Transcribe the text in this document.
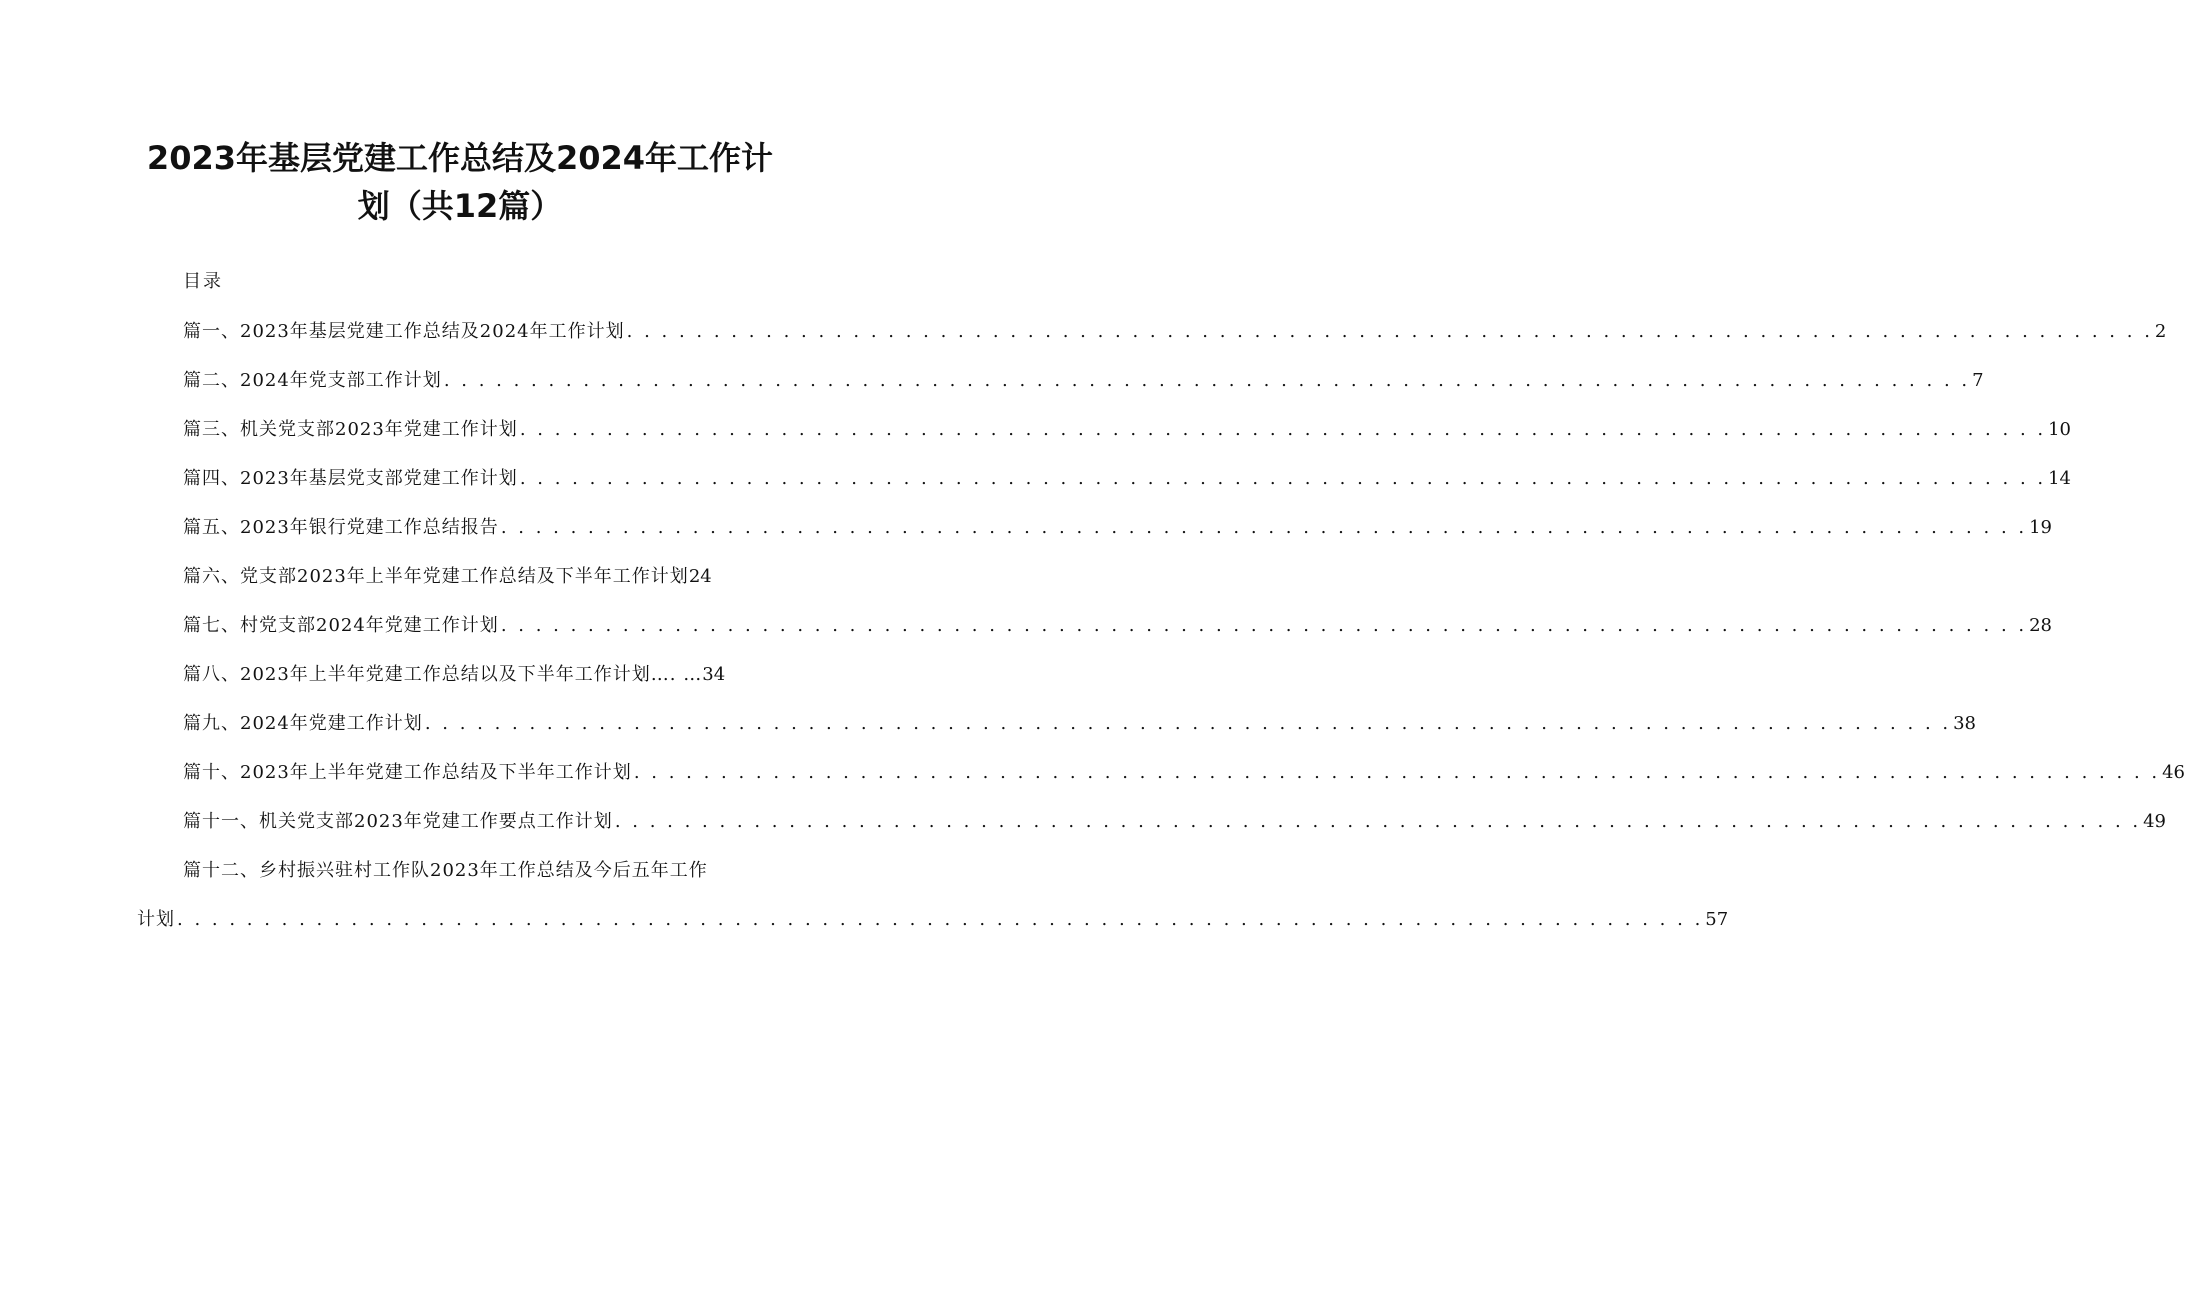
2023年基层党建工作总结及2024年工作计
划（共12篇）
目录
篇一、2023年基层党建工作总结及2024年工作计划 . . . . . . . . . . . . . . . . . . . . . . . . . . . . . . . . . . . . . . . . . . . . . . . . . . . . . . . . . . . . . . . . . . . . . . . . . . . . . . . . . . . . . . . . 2
篇二、2024年党支部工作计划 . . . . . . . . . . . . . . . . . . . . . . . . . . . . . . . . . . . . . . . . . . . . . . . . . . . . . . . . . . . . . . . . . . . . . . . . . . . . . . . . . . . . . . . . 7
篇三、机关党支部2023年党建工作计划 . . . . . . . . . . . . . . . . . . . . . . . . . . . . . . . . . . . . . . . . . . . . . . . . . . . . . . . . . . . . . . . . . . . . . . . . . . . . . . . . . . . . . . . . 10
篇四、2023年基层党支部党建工作计划 . . . . . . . . . . . . . . . . . . . . . . . . . . . . . . . . . . . . . . . . . . . . . . . . . . . . . . . . . . . . . . . . . . . . . . . . . . . . . . . . . . . . . . . . 14
篇五、2023年银行党建工作总结报告 . . . . . . . . . . . . . . . . . . . . . . . . . . . . . . . . . . . . . . . . . . . . . . . . . . . . . . . . . . . . . . . . . . . . . . . . . . . . . . . . . . . . . . . . 19
篇六、党支部2023年上半年党建工作总结及下半年工作计划 24
篇七、村党支部2024年党建工作计划 . . . . . . . . . . . . . . . . . . . . . . . . . . . . . . . . . . . . . . . . . . . . . . . . . . . . . . . . . . . . . . . . . . . . . . . . . . . . . . . . . . . . . . . . 28
篇八、2023年上半年党建工作总结以及下半年工作计划…. … 34
篇九、2024年党建工作计划 . . . . . . . . . . . . . . . . . . . . . . . . . . . . . . . . . . . . . . . . . . . . . . . . . . . . . . . . . . . . . . . . . . . . . . . . . . . . . . . . . . . . . . . . 38
篇十、2023年上半年党建工作总结及下半年工作计划 . . . . . . . . . . . . . . . . . . . . . . . . . . . . . . . . . . . . . . . . . . . . . . . . . . . . . . . . . . . . . . . . . . . . . . . . . . . . . . . . . . . . . . . . 46
篇十一、机关党支部2023年党建工作要点工作计划 . . . . . . . . . . . . . . . . . . . . . . . . . . . . . . . . . . . . . . . . . . . . . . . . . . . . . . . . . . . . . . . . . . . . . . . . . . . . . . . . . . . . . . . . 49
篇十二、乡村振兴驻村工作队2023年工作总结及今后五年工作
计划 . . . . . . . . . . . . . . . . . . . . . . . . . . . . . . . . . . . . . . . . . . . . . . . . . . . . . . . . . . . . . . . . . . . . . . . . . . . . . . . . . . . . . . . . 57
